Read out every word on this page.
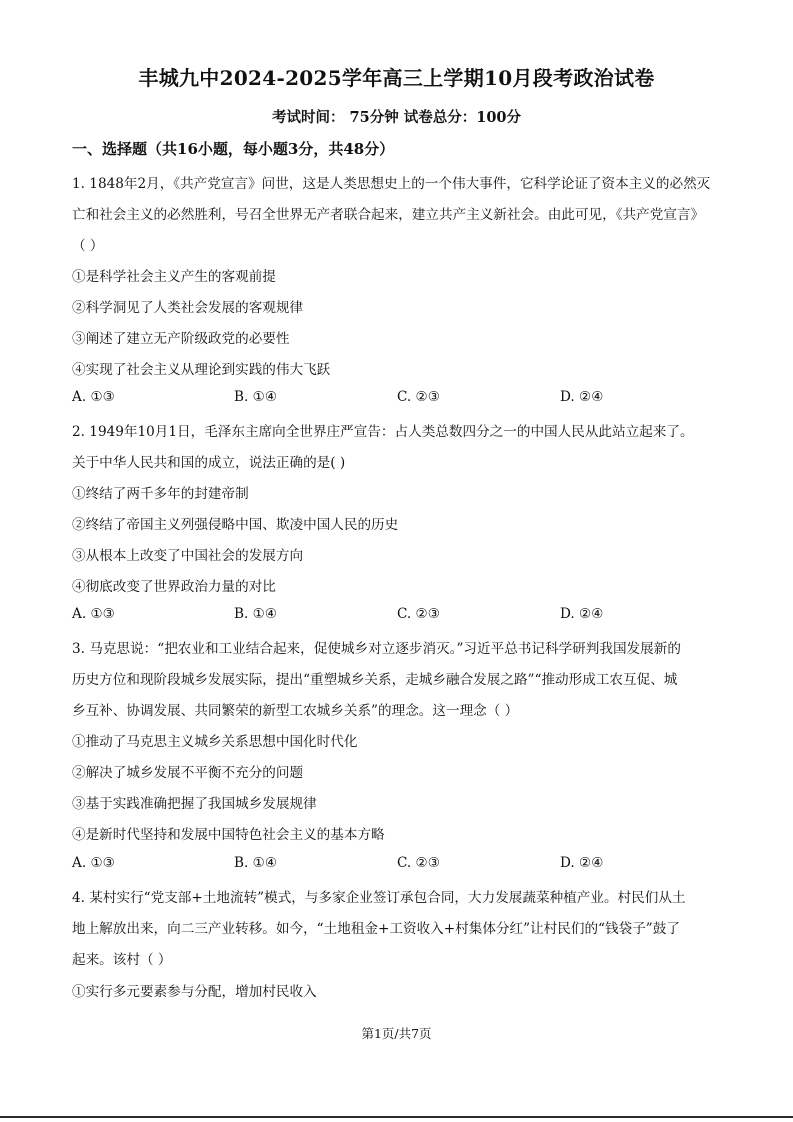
丰城九中2024-2025学年高三上学期10月段考政治试卷
考试时间： 75分钟 试卷总分：100分
一、选择题（共16小题，每小题3分，共48分）
1. 1848年2月，《共产党宣言》问世，这是人类思想史上的一个伟大事件，它科学论证了资本主义的必然灭
亡和社会主义的必然胜利，号召全世界无产者联合起来，建立共产主义新社会。由此可见，《共产党宣言》
（ ）
①是科学社会主义产生的客观前提
②科学洞见了人类社会发展的客观规律
③阐述了建立无产阶级政党的必要性
④实现了社会主义从理论到实践的伟大飞跃
A. ①③	B. ①④	C. ②③	D. ②④
2. 1949年10月1日，毛泽东主席向全世界庄严宣告：占人类总数四分之一的中国人民从此站立起来了。
关于中华人民共和国的成立，说法正确的是( )
①终结了两千多年的封建帝制
②终结了帝国主义列强侵略中国、欺凌中国人民的历史
③从根本上改变了中国社会的发展方向
④彻底改变了世界政治力量的对比
A. ①③	B. ①④	C. ②③	D. ②④
3. 马克思说：“把农业和工业结合起来，促使城乡对立逐步消灭。”习近平总书记科学研判我国发展新的
历史方位和现阶段城乡发展实际，提出“重塑城乡关系，走城乡融合发展之路”“推动形成工农互促、城
乡互补、协调发展、共同繁荣的新型工农城乡关系”的理念。这一理念（ ）
①推动了马克思主义城乡关系思想中国化时代化
②解决了城乡发展不平衡不充分的问题
③基于实践准确把握了我国城乡发展规律
④是新时代坚持和发展中国特色社会主义的基本方略
A. ①③	B. ①④	C. ②③	D. ②④
4. 某村实行“党支部+土地流转”模式，与多家企业签订承包合同，大力发展蔬菜种植产业。村民们从土
地上解放出来，向二三产业转移。如今，“土地租金+工资收入+村集体分红”让村民们的“钱袋子”鼓了
起来。该村（ ）
①实行多元要素参与分配，增加村民收入
第1页/共7页
